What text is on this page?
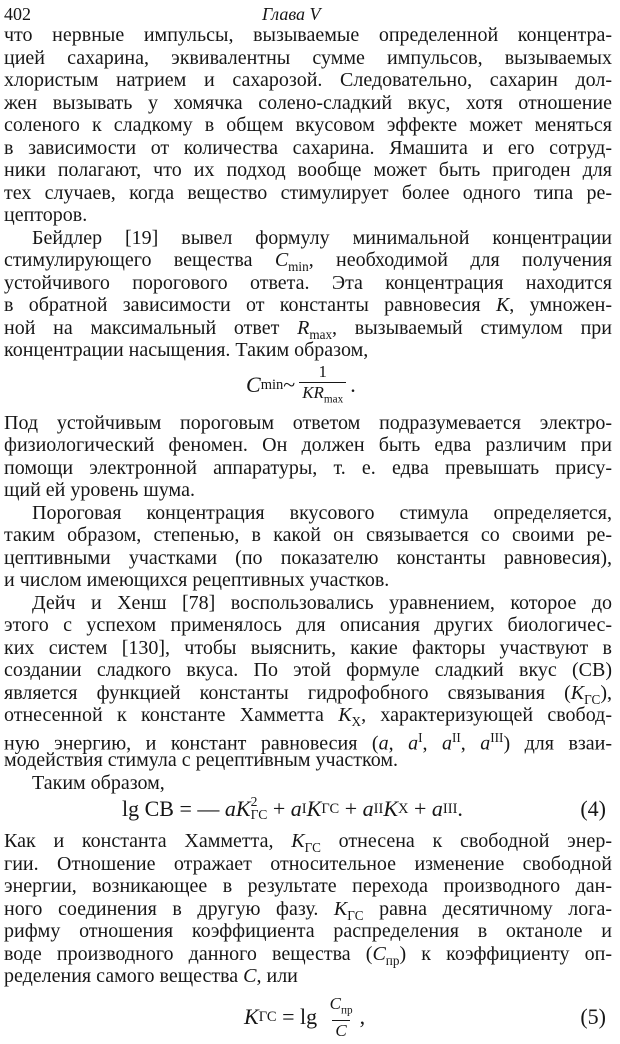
402	Глава V
что нервные импульсы, вызываемые определенной концентра-
цией сахарина, эквивалентны сумме импульсов, вызываемых
хлористым натрием и сахарозой. Следовательно, сахарин дол-
жен вызывать у хомячка солено-сладкий вкус, хотя отношение
соленого к сладкому в общем вкусовом эффекте может меняться
в зависимости от количества сахарина. Ямашита и его сотруд-
ники полагают, что их подход вообще может быть пригоден для
тех случаев, когда вещество стимулирует более одного типа ре-
цепторов.
Бейдлер [19] вывел формулу минимальной концентрации
стимулирующего вещества $C_{min}$, необходимой для получения
устойчивого порогового ответа. Эта концентрация находится
в обратной зависимости от константы равновесия K, умножен-
ной на максимальный ответ $R_{max}$, вызываемый стимулом при
концентрации насыщения. Таким образом,
C min ~ $\frac{1}{KR_{max}}$ .
Под устойчивым пороговым ответом подразумевается электро-
физиологический феномен. Он должен быть едва различим при
помощи электронной аппаратуры, т. е. едва превышать прису-
щий ей уровень шума.
Пороговая концентрация вкусового стимула определяется,
таким образом, степенью, в какой он связывается со своими ре-
цептивными участками (по показателю константы равновесия),
и числом имеющихся рецептивных участков.
Дейч и Хенш [78] воспользовались уравнением, которое до
этого с успехом применялось для описания других биологичес-
ких систем [130], чтобы выяснить, какие факторы участвуют в
создании сладкого вкуса. По этой формуле сладкий вкус (СВ)
является функцией константы гидрофобного связывания $(K_{ГС})$,
отнесенной к константе Хамметта $K_X$, характеризующей свобод-
ную энергию, и констант равновесия (a, $a^I$, $a^{II}$, $a^{III}$) для взаи-
модействия стимула с рецептивным участком.
Таким образом,
lg СВ = — a K 2
ГС + a I K ГС + a II K X + a III .	(4)
Как и константа Хамметта, $K_{ГС}$ отнесена к свободной энер-
гии. Отношение отражает относительное изменение свободной
энергии, возникающее в результате перехода производного дан-
ного соединения в другую фазу. $K_{ГС}$ равна десятичному лога-
рифму отношения коэффициента распределения в октаноле и
воде производного данного вещества $(C_{пр})$ к коэффициенту оп-
ределения самого вещества C, или
K ГС = $\lg \frac{C_{пр}}{C}$ ,	(5)
